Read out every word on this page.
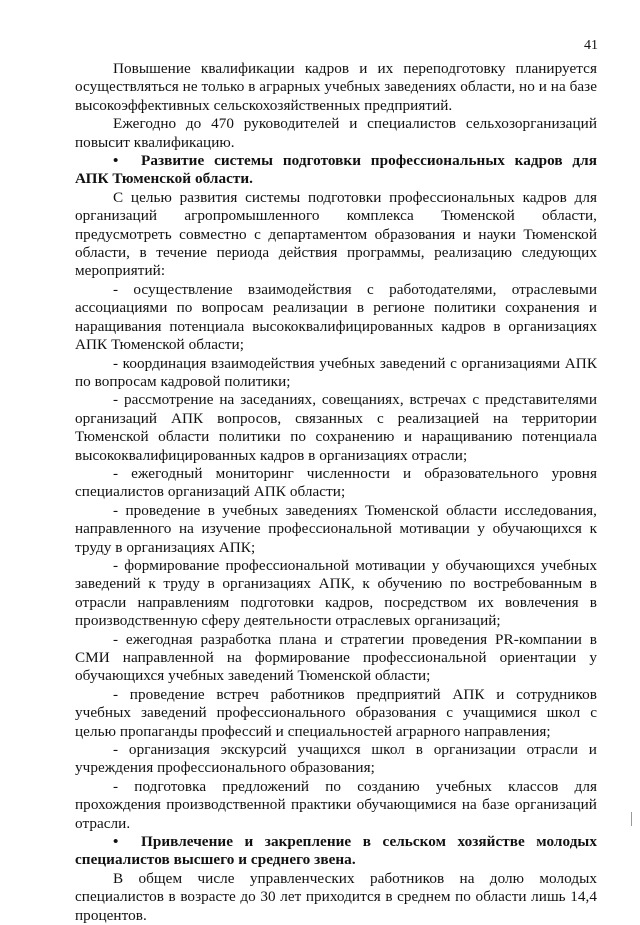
41

Повышение квалификации кадров и их переподготовку планируется осуществляться не только в аграрных учебных заведениях области, но и на базе высокоэффективных сельскохозяйственных предприятий.

Ежегодно до 470 руководителей и специалистов сельхозорганизаций повысит квалификацию.

• Развитие системы подготовки профессиональных кадров для АПК Тюменской области.

С целью развития системы подготовки профессиональных кадров для организаций агропромышленного комплекса Тюменской области, предусмотреть совместно с департаментом образования и науки Тюменской области, в течение периода действия программы, реализацию следующих мероприятий:

- осуществление взаимодействия с работодателями, отраслевыми ассоциациями по вопросам реализации в регионе политики сохранения и наращивания потенциала высококвалифицированных кадров в организациях АПК Тюменской области;

- координация взаимодействия учебных заведений с организациями АПК по вопросам кадровой политики;

- рассмотрение на заседаниях, совещаниях, встречах с представителями организаций АПК вопросов, связанных с реализацией на территории Тюменской области политики по сохранению и наращиванию потенциала высококвалифицированных кадров в организациях отрасли;

- ежегодный мониторинг численности и образовательного уровня специалистов организаций АПК области;

- проведение в учебных заведениях Тюменской области исследования, направленного на изучение профессиональной мотивации у обучающихся к труду в организациях АПК;

- формирование профессиональной мотивации у обучающихся учебных заведений к труду в организациях АПК, к обучению по востребованным в отрасли направлениям подготовки кадров, посредством их вовлечения в производственную сферу деятельности отраслевых организаций;

- ежегодная разработка плана и стратегии проведения PR-компании в СМИ направленной на формирование профессиональной ориентации у обучающихся учебных заведений Тюменской области;

- проведение встреч работников предприятий АПК и сотрудников учебных заведений профессионального образования с учащимися школ с целью пропаганды профессий и специальностей аграрного направления;

- организация экскурсий учащихся школ в организации отрасли и учреждения профессионального образования;

- подготовка предложений по созданию учебных классов для прохождения производственной практики обучающимися на базе организаций отрасли.

• Привлечение и закрепление в сельском хозяйстве молодых специалистов высшего и среднего звена.

В общем числе управленческих работников на долю молодых специалистов в возрасте до 30 лет приходится в среднем по области лишь 14,4 процентов.
